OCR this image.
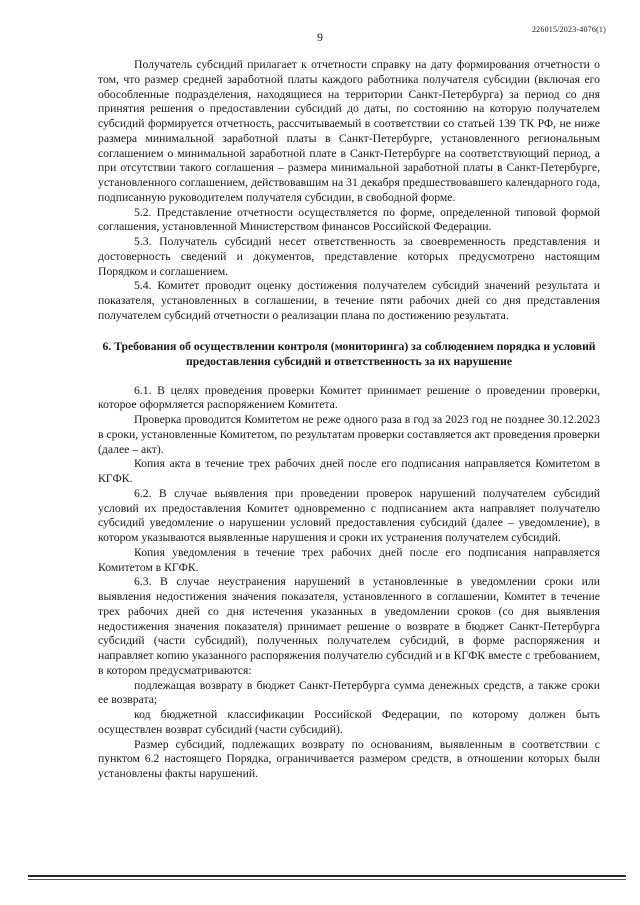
226015/2023-4076(1)
9

Получатель субсидий прилагает к отчетности справку на дату формирования отчетности о том, что размер средней заработной платы каждого работника получателя субсидии (включая его обособленные подразделения, находящиеся на территории Санкт-Петербурга) за период со дня принятия решения о предоставлении субсидий до даты, по состоянию на которую получателем субсидий формируется отчетность, рассчитываемый в соответствии со статьей 139 ТК РФ, не ниже размера минимальной заработной платы в Санкт-Петербурге, установленного региональным соглашением о минимальной заработной плате в Санкт-Петербурге на соответствующий период, а при отсутствии такого соглашения – размера минимальной заработной платы в Санкт-Петербурге, установленного соглашением, действовавшим на 31 декабря предшествовавшего календарного года, подписанную руководителем получателя субсидии, в свободной форме.

5.2. Представление отчетности осуществляется по форме, определенной типовой формой соглашения, установленной Министерством финансов Российской Федерации.

5.3. Получатель субсидий несет ответственность за своевременность представления и достоверность сведений и документов, представление которых предусмотрено настоящим Порядком и соглашением.

5.4. Комитет проводит оценку достижения получателем субсидий значений результата и показателя, установленных в соглашении, в течение пяти рабочих дней со дня представления получателем субсидий отчетности о реализации плана по достижению результата.

6. Требования об осуществлении контроля (мониторинга) за соблюдением порядка и условий предоставления субсидий и ответственность за их нарушение

6.1. В целях проведения проверки Комитет принимает решение о проведении проверки, которое оформляется распоряжением Комитета.

Проверка проводится Комитетом не реже одного раза в год за 2023 год не позднее 30.12.2023 в сроки, установленные Комитетом, по результатам проверки составляется акт проведения проверки (далее – акт).

Копия акта в течение трех рабочих дней после его подписания направляется Комитетом в КГФК.

6.2. В случае выявления при проведении проверок нарушений получателем субсидий условий их предоставления Комитет одновременно с подписанием акта направляет получателю субсидий уведомление о нарушении условий предоставления субсидий (далее – уведомление), в котором указываются выявленные нарушения и сроки их устранения получателем субсидий.

Копия уведомления в течение трех рабочих дней после его подписания направляется Комитетом в КГФК.

6.3. В случае неустранения нарушений в установленные в уведомлении сроки или выявления недостижения значения показателя, установленного в соглашении, Комитет в течение трех рабочих дней со дня истечения указанных в уведомлении сроков (со дня выявления недостижения значения показателя) принимает решение о возврате в бюджет Санкт-Петербурга субсидий (части субсидий), полученных получателем субсидий, в форме распоряжения и направляет копию указанного распоряжения получателю субсидий и в КГФК вместе с требованием, в котором предусматриваются:

подлежащая возврату в бюджет Санкт-Петербурга сумма денежных средств, а также сроки ее возврата;

код бюджетной классификации Российской Федерации, по которому должен быть осуществлен возврат субсидий (части субсидий).

Размер субсидий, подлежащих возврату по основаниям, выявленным в соответствии с пунктом 6.2 настоящего Порядка, ограничивается размером средств, в отношении которых были установлены факты нарушений.
